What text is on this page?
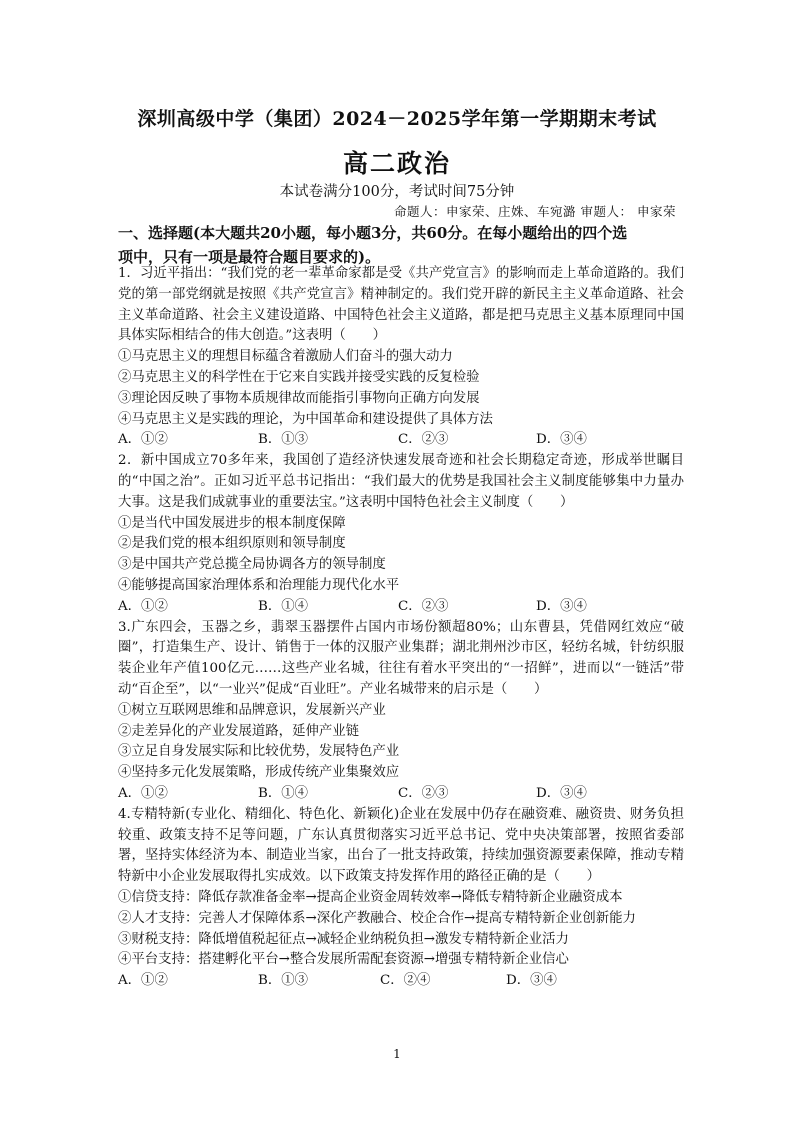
深圳高级中学（集团）2024－2025学年第一学期期末考试
高二政治
本试卷满分100分，考试时间75分钟
命题人：申家荣、庄姝、车宛潞 审题人： 申家荣
一、选择题(本大题共20小题，每小题3分，共60分。在每小题给出的四个选
项中，只有一项是最符合题目要求的)。

1．习近平指出：“我们党的老一辈革命家都是受《共产党宣言》的影响而走上革命道路的。我们党的第一部党纲就是按照《共产党宣言》精神制定的。我们党开辟的新民主主义革命道路、社会主义革命道路、社会主义建设道路、中国特色社会主义道路，都是把马克思主义基本原理同中国具体实际相结合的伟大创造。”这表明（　　）

①马克思主义的理想目标蕴含着激励人们奋斗的强大动力

②马克思主义的科学性在于它来自实践并接受实践的反复检验

③理论因反映了事物本质规律故而能指引事物向正确方向发展

④马克思主义是实践的理论，为中国革命和建设提供了具体方法

A．①②	B．①③	C．②③	D．③④

2．新中国成立70多年来，我国创了造经济快速发展奇迹和社会长期稳定奇迹，形成举世瞩目的“中国之治”。正如习近平总书记指出：“我们最大的优势是我国社会主义制度能够集中力量办大事。这是我们成就事业的重要法宝。”这表明中国特色社会主义制度（　　）

①是当代中国发展进步的根本制度保障

②是我们党的根本组织原则和领导制度

③是中国共产党总揽全局协调各方的领导制度

④能够提高国家治理体系和治理能力现代化水平

A．①②	B．①④	C．②③	D．③④

3.广东四会，玉器之乡，翡翠玉器摆件占国内市场份额超80%；山东曹县，凭借网红效应“破圈”，打造集生产、设计、销售于一体的汉服产业集群；湖北荆州沙市区，轻纺名城，针纺织服装企业年产值100亿元……这些产业名城，往往有着水平突出的“一招鲜”，进而以“一链活”带动“百企至”，以“一业兴”促成“百业旺”。产业名城带来的启示是（　　）

①树立互联网思维和品牌意识，发展新兴产业

②走差异化的产业发展道路，延伸产业链

③立足自身发展实际和比较优势，发展特色产业

④坚持多元化发展策略，形成传统产业集聚效应

A．①②	B．①④	C．②③	D．③④

4.专精特新(专业化、精细化、特色化、新颖化)企业在发展中仍存在融资难、融资贵、财务负担较重、政策支持不足等问题，广东认真贯彻落实习近平总书记、党中央决策部署，按照省委部署，坚持实体经济为本、制造业当家，出台了一批支持政策，持续加强资源要素保障，推动专精特新中小企业发展取得扎实成效。以下政策支持发挥作用的路径正确的是（　　）

①信贷支持：降低存款准备金率→提高企业资金周转效率→降低专精特新企业融资成本

②人才支持：完善人才保障体系→深化产教融合、校企合作→提高专精特新企业创新能力

③财税支持：降低增值税起征点→减轻企业纳税负担→激发专精特新企业活力

④平台支持：搭建孵化平台→整合发展所需配套资源→增强专精特新企业信心

A．①②	B．①③	C．②④	D．③④
1
